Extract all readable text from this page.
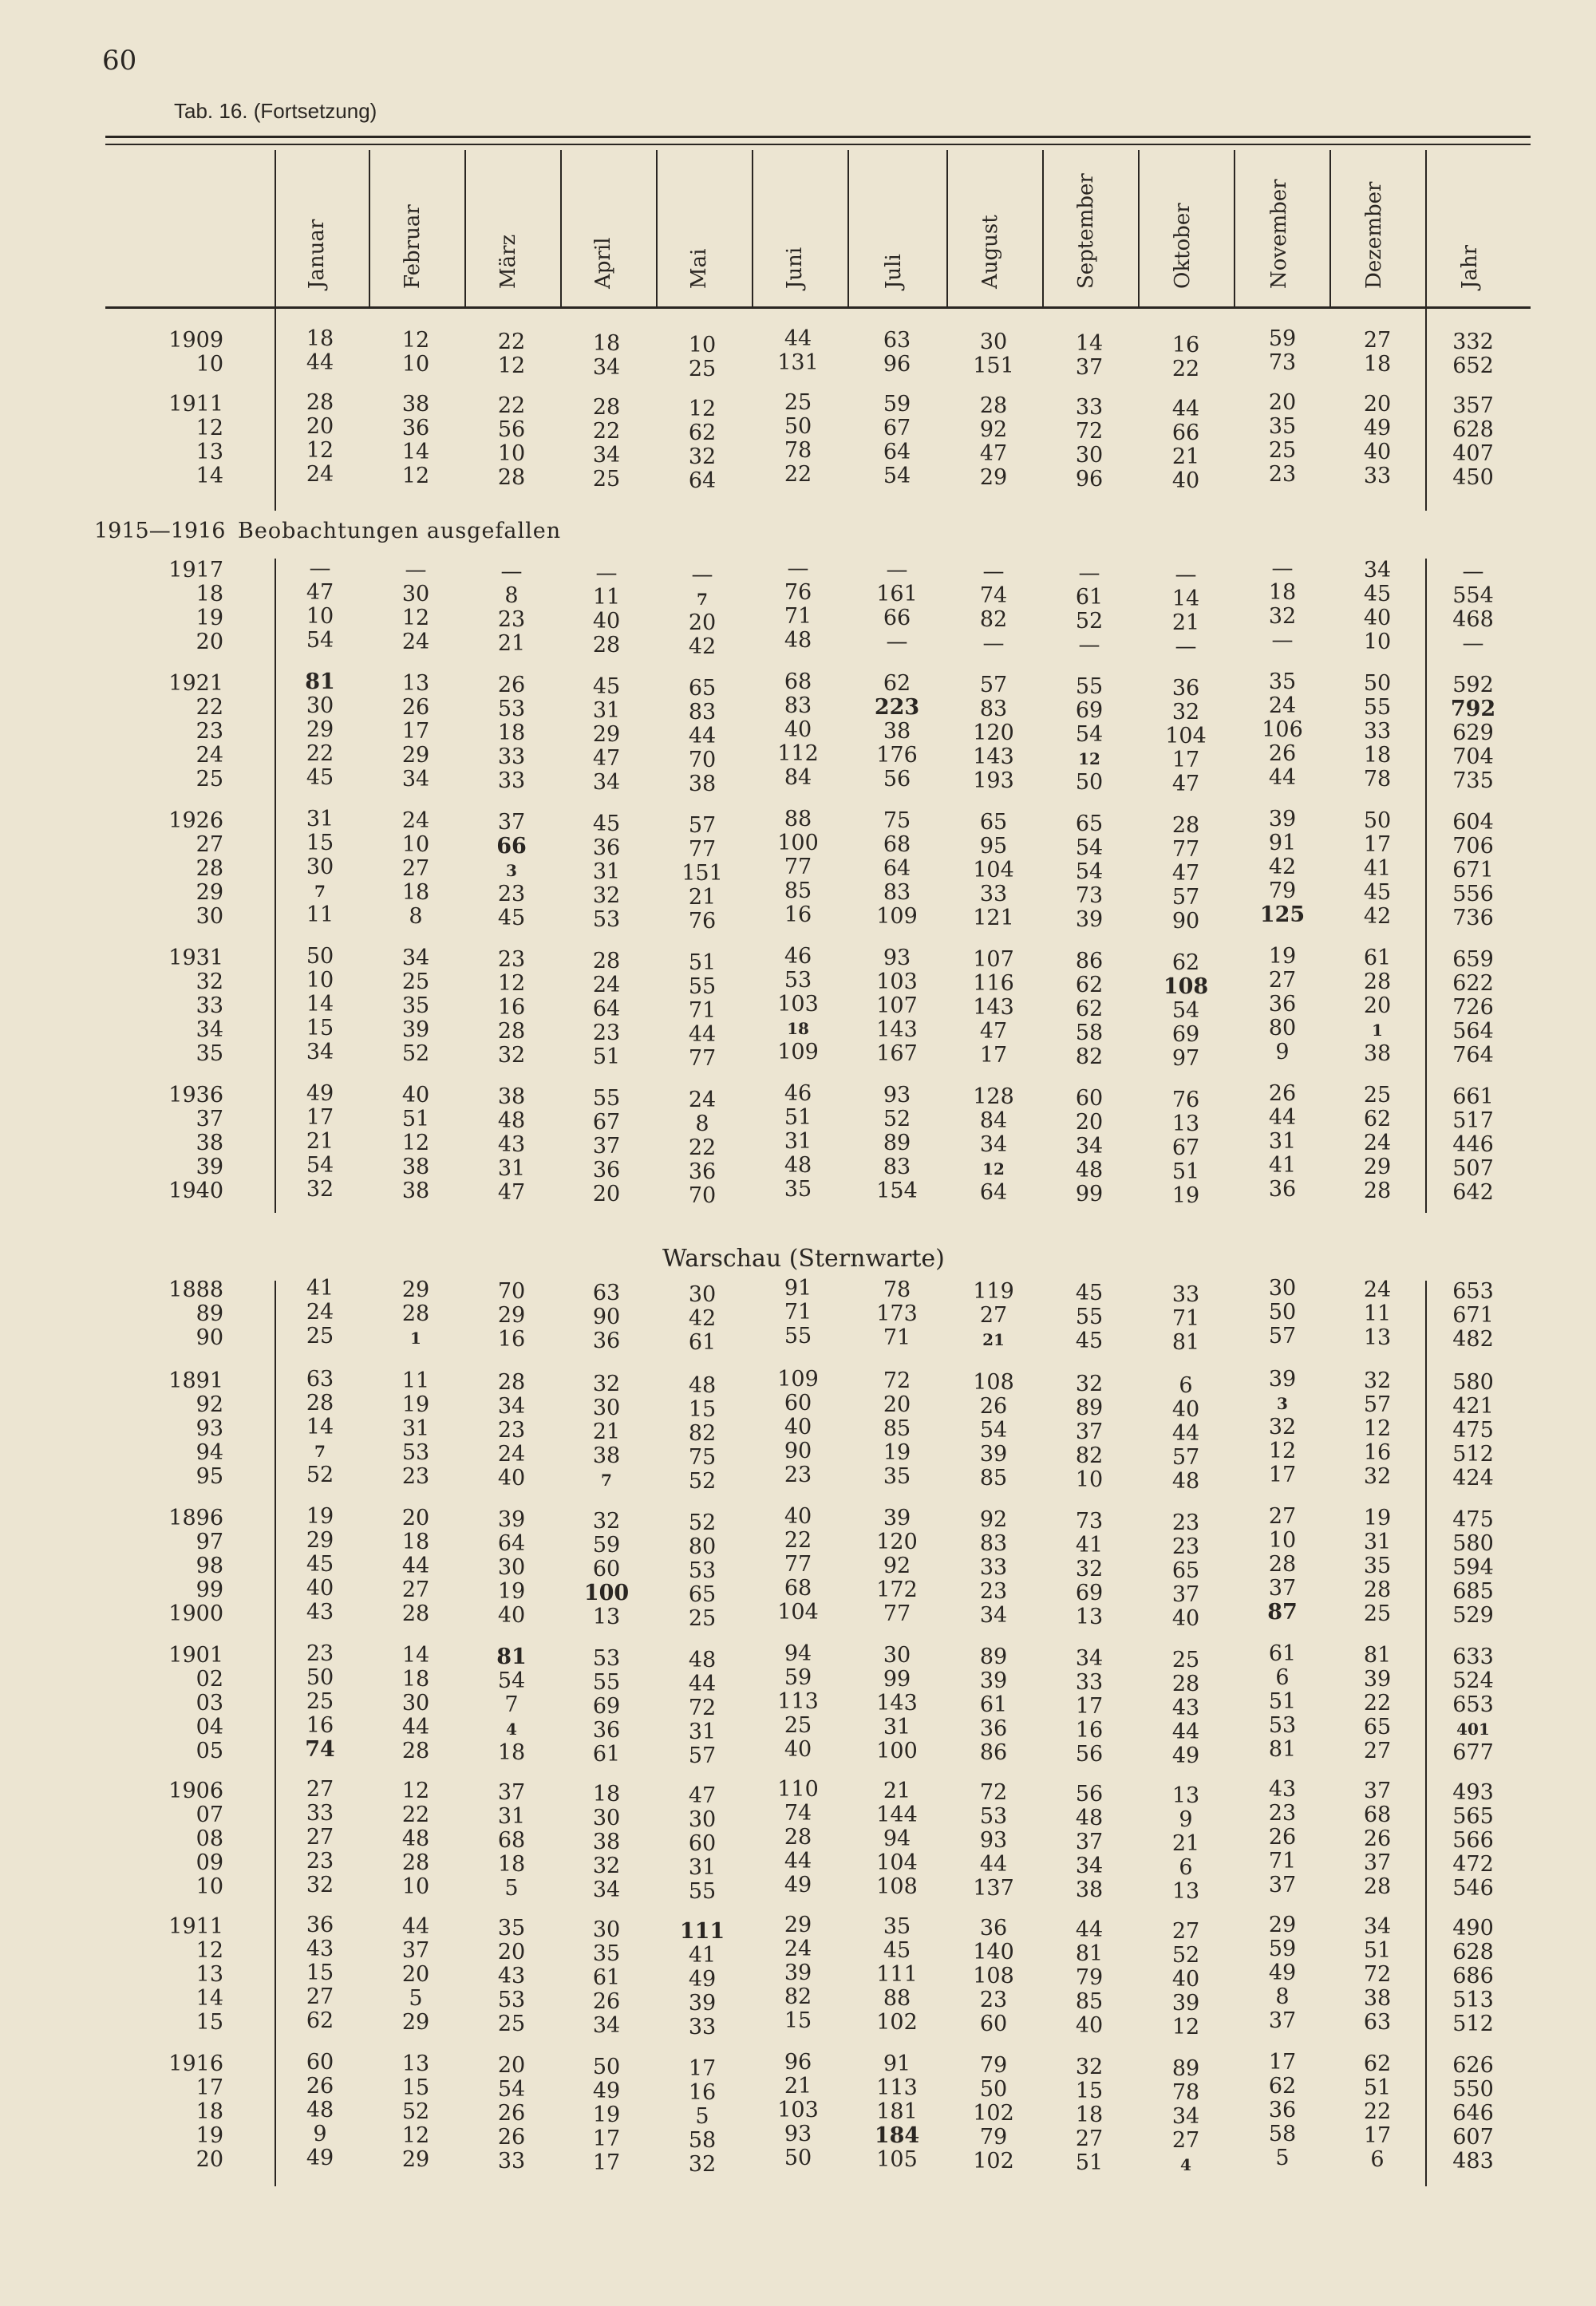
60
Tab. 16. (Fortsetzung)
Januar	Februar	März	April	Mai	Juni	Juli	August	September	Oktober	November	Dezember	Jahr
1909	18	12	22	18	10	44	63	30	14	16	59	27	332
10	44	10	12	34	25	131	96	151	37	22	73	18	652
1911	28	38	22	28	12	25	59	28	33	44	20	20	357
12	20	36	56	22	62	50	67	92	72	66	35	49	628
13	12	14	10	34	32	78	64	47	30	21	25	40	407
14	24	12	28	25	64	22	54	29	96	40	23	33	450
1915—1916 Beobachtungen ausgefallen
1917	—	—	—	—	—	—	—	—	—	—	—	34	—
18	47	30	8	11	7	76	161	74	61	14	18	45	554
19	10	12	23	40	20	71	66	82	52	21	32	40	468
20	54	24	21	28	42	48	—	—	—	—	—	10	—
1921	81	13	26	45	65	68	62	57	55	36	35	50	592
22	30	26	53	31	83	83	223	83	69	32	24	55	792
23	29	17	18	29	44	40	38	120	54	104	106	33	629
24	22	29	33	47	70	112	176	143	12	17	26	18	704
25	45	34	33	34	38	84	56	193	50	47	44	78	735
1926	31	24	37	45	57	88	75	65	65	28	39	50	604
27	15	10	66	36	77	100	68	95	54	77	91	17	706
28	30	27	3	31	151	77	64	104	54	47	42	41	671
29	7	18	23	32	21	85	83	33	73	57	79	45	556
30	11	8	45	53	76	16	109	121	39	90	125	42	736
1931	50	34	23	28	51	46	93	107	86	62	19	61	659
32	10	25	12	24	55	53	103	116	62	108	27	28	622
33	14	35	16	64	71	103	107	143	62	54	36	20	726
34	15	39	28	23	44	18	143	47	58	69	80	1	564
35	34	52	32	51	77	109	167	17	82	97	9	38	764
1936	49	40	38	55	24	46	93	128	60	76	26	25	661
37	17	51	48	67	8	51	52	84	20	13	44	62	517
38	21	12	43	37	22	31	89	34	34	67	31	24	446
39	54	38	31	36	36	48	83	12	48	51	41	29	507
1940	32	38	47	20	70	35	154	64	99	19	36	28	642
Warschau (Sternwarte)
1888	41	29	70	63	30	91	78	119	45	33	30	24	653
89	24	28	29	90	42	71	173	27	55	71	50	11	671
90	25	1	16	36	61	55	71	21	45	81	57	13	482
1891	63	11	28	32	48	109	72	108	32	6	39	32	580
92	28	19	34	30	15	60	20	26	89	40	3	57	421
93	14	31	23	21	82	40	85	54	37	44	32	12	475
94	7	53	24	38	75	90	19	39	82	57	12	16	512
95	52	23	40	7	52	23	35	85	10	48	17	32	424
1896	19	20	39	32	52	40	39	92	73	23	27	19	475
97	29	18	64	59	80	22	120	83	41	23	10	31	580
98	45	44	30	60	53	77	92	33	32	65	28	35	594
99	40	27	19	100	65	68	172	23	69	37	37	28	685
1900	43	28	40	13	25	104	77	34	13	40	87	25	529
1901	23	14	81	53	48	94	30	89	34	25	61	81	633
02	50	18	54	55	44	59	99	39	33	28	6	39	524
03	25	30	7	69	72	113	143	61	17	43	51	22	653
04	16	44	4	36	31	25	31	36	16	44	53	65	401
05	74	28	18	61	57	40	100	86	56	49	81	27	677
1906	27	12	37	18	47	110	21	72	56	13	43	37	493
07	33	22	31	30	30	74	144	53	48	9	23	68	565
08	27	48	68	38	60	28	94	93	37	21	26	26	566
09	23	28	18	32	31	44	104	44	34	6	71	37	472
10	32	10	5	34	55	49	108	137	38	13	37	28	546
1911	36	44	35	30	111	29	35	36	44	27	29	34	490
12	43	37	20	35	41	24	45	140	81	52	59	51	628
13	15	20	43	61	49	39	111	108	79	40	49	72	686
14	27	5	53	26	39	82	88	23	85	39	8	38	513
15	62	29	25	34	33	15	102	60	40	12	37	63	512
1916	60	13	20	50	17	96	91	79	32	89	17	62	626
17	26	15	54	49	16	21	113	50	15	78	62	51	550
18	48	52	26	19	5	103	181	102	18	34	36	22	646
19	9	12	26	17	58	93	184	79	27	27	58	17	607
20	49	29	33	17	32	50	105	102	51	4	5	6	483
